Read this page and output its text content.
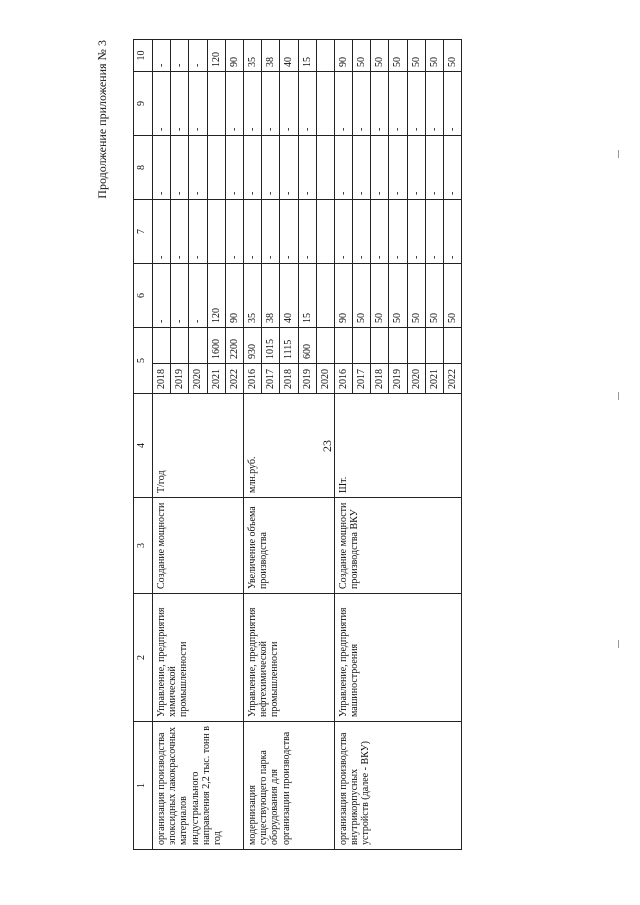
23
Продолжение приложения № 3
1	2	3	4	5		6	7	8	9	10
организация производства эпоксидных лакокрасочных материалов индустриального направления 2,2 тыс. тонн в год	Управление, предприятия химической промышленности	Создание мощности	Т/год	2018		-	-	-	-	-
				2019		-	-	-	-	-
				2020		-	-	-	-	-
				2021	1600	120				120
				2022	2200	90	-	-	-	90
модернизация существующего парка оборудования для организации производства	Управление, предприятия нефтехимической промышленности	Увеличение объема производства	млн.руб.	2016	930	35	-	-	-	35
				2017	1015	38	-	-	-	38
				2018	1115	40	-	-	-	40
				2019	600	15	-	-	-	15
				2020						
организация производства внутрикорпусных устройств (далее - ВКУ)	Управление, предприятия машиностроения	Создание мощности производства ВКУ	Шт.	2016		90	-	-	-	90
				2017		50	-	-	-	50
				2018		50	-	-	-	50
				2019		50	-	-	-	50
				2020		50	-	-	-	50
				2021		50	-	-	-	50
				2022		50	-	-	-	50
